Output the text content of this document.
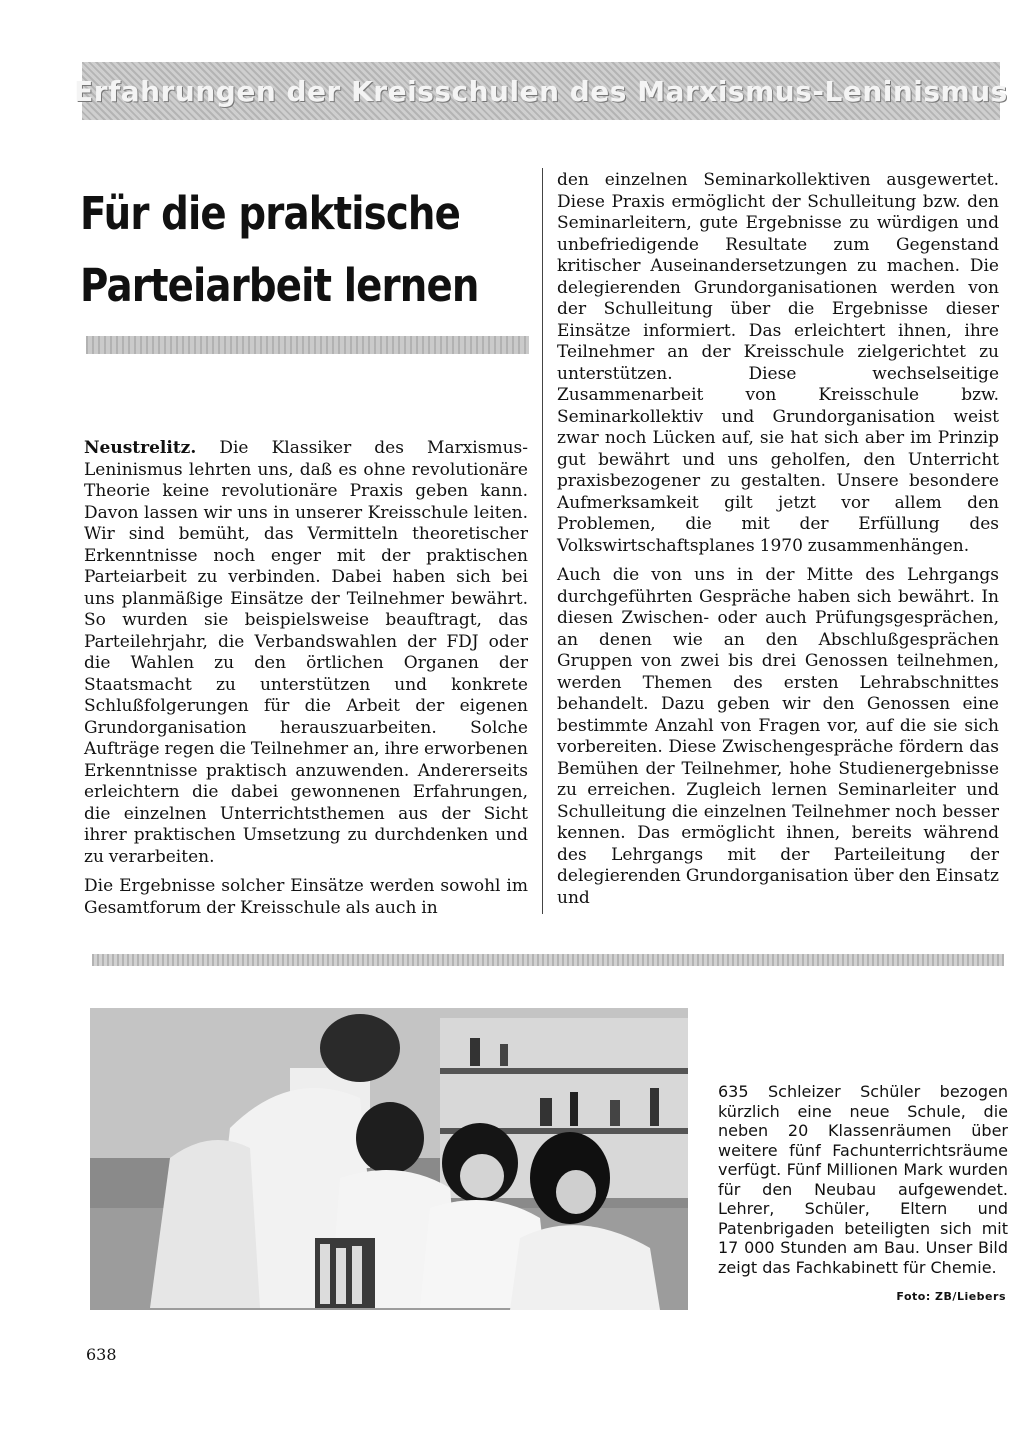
Erfahrungen der Kreisschulen des Marxismus-Leninismus
Für die praktische
Parteiarbeit lernen

Neustrelitz. Die Klassiker des Marxismus-Leninismus lehrten uns, daß es ohne revolutionäre Theorie keine revolutionäre Praxis geben kann. Davon lassen wir uns in unserer Kreisschule leiten. Wir sind bemüht, das Vermitteln theoretischer Erkenntnisse noch enger mit der praktischen Parteiarbeit zu verbinden. Dabei haben sich bei uns planmäßige Einsätze der Teilnehmer bewährt. So wurden sie beispielsweise beauftragt, das Parteilehrjahr, die Verbandswahlen der FDJ oder die Wahlen zu den örtlichen Organen der Staatsmacht zu unterstützen und konkrete Schlußfolgerungen für die Arbeit der eigenen Grundorganisation herauszuarbeiten. Solche Aufträge regen die Teilnehmer an, ihre erworbenen Erkenntnisse praktisch anzuwenden. Andererseits erleichtern die dabei gewonnenen Erfahrungen, die einzelnen Unterrichtsthemen aus der Sicht ihrer praktischen Umsetzung zu durchdenken und zu verarbeiten.

Die Ergebnisse solcher Einsätze werden sowohl im Gesamtforum der Kreisschule als auch in

den einzelnen Seminarkollektiven ausgewertet. Diese Praxis ermöglicht der Schulleitung bzw. den Seminarleitern, gute Ergebnisse zu würdigen und unbefriedigende Resultate zum Gegenstand kritischer Auseinandersetzungen zu machen. Die delegierenden Grundorganisationen werden von der Schulleitung über die Ergebnisse dieser Einsätze informiert. Das erleichtert ihnen, ihre Teilnehmer an der Kreisschule zielgerichtet zu unterstützen. Diese wechselseitige Zusammenarbeit von Kreisschule bzw. Seminarkollektiv und Grundorganisation weist zwar noch Lücken auf, sie hat sich aber im Prinzip gut bewährt und uns geholfen, den Unterricht praxisbezogener zu gestalten. Unsere besondere Aufmerksamkeit gilt jetzt vor allem den Problemen, die mit der Erfüllung des Volkswirtschaftsplanes 1970 zusammenhängen.

Auch die von uns in der Mitte des Lehrgangs durchgeführten Gespräche haben sich bewährt. In diesen Zwischen- oder auch Prüfungsgesprächen, an denen wie an den Abschlußgesprächen Gruppen von zwei bis drei Genossen teilnehmen, werden Themen des ersten Lehrabschnittes behandelt. Dazu geben wir den Genossen eine bestimmte Anzahl von Fragen vor, auf die sie sich vorbereiten. Diese Zwischengespräche fördern das Bemühen der Teilnehmer, hohe Studienergebnisse zu erreichen. Zugleich lernen Seminarleiter und Schulleitung die einzelnen Teilnehmer noch besser kennen. Das ermöglicht ihnen, bereits während des Lehrgangs mit der Parteileitung der delegierenden Grundorganisation über den Einsatz und

635 Schleizer Schüler bezogen kürzlich eine neue Schule, die neben 20 Klassenräumen über weitere fünf Fachunterrichtsräume verfügt. Fünf Millionen Mark wurden für den Neubau aufgewendet. Lehrer, Schüler, Eltern und Patenbrigaden beteiligten sich mit 17 000 Stunden am Bau. Unser Bild zeigt das Fachkabinett für Chemie.

Foto: ZB/Liebers
638
